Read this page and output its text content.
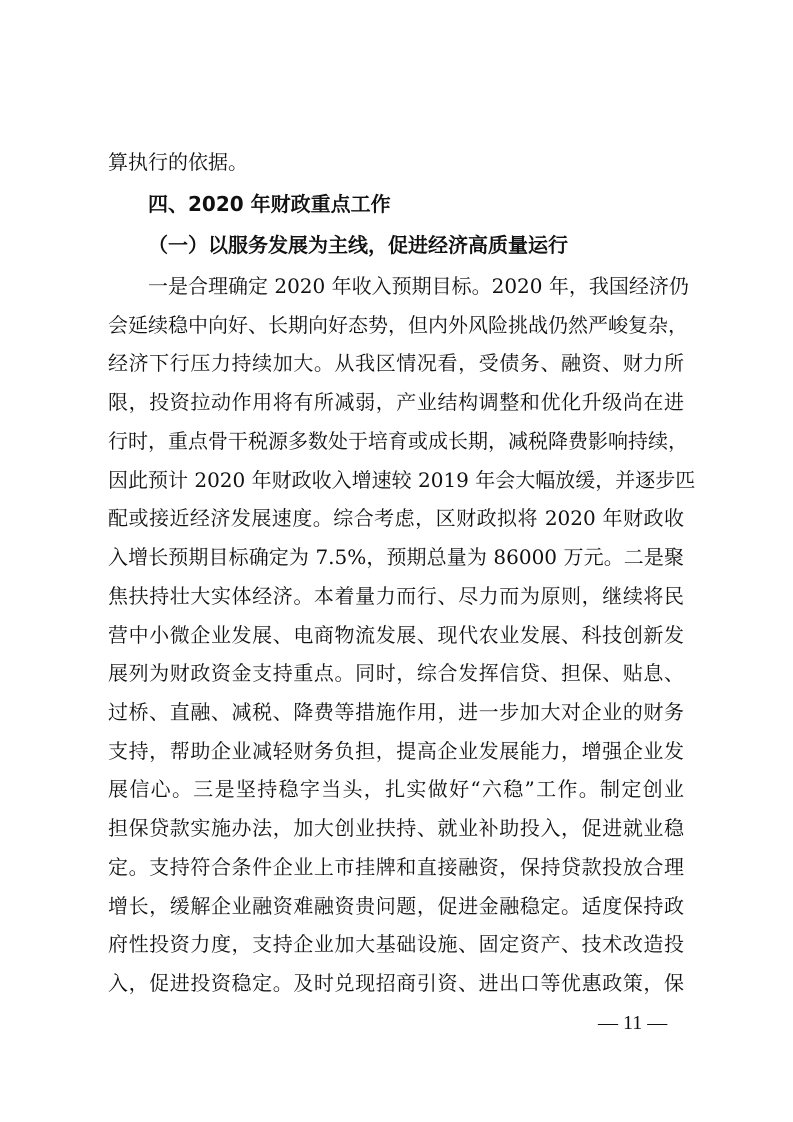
算执行的依据。
四、2020 年财政重点工作
（一）以服务发展为主线，促进经济高质量运行
一是合理确定 2020 年收入预期目标。2020 年，我国经济仍
会延续稳中向好、长期向好态势，但内外风险挑战仍然严峻复杂，
经济下行压力持续加大。从我区情况看，受债务、融资、财力所
限，投资拉动作用将有所减弱，产业结构调整和优化升级尚在进
行时，重点骨干税源多数处于培育或成长期，减税降费影响持续，
因此预计 2020 年财政收入增速较 2019 年会大幅放缓，并逐步匹
配或接近经济发展速度。综合考虑，区财政拟将 2020 年财政收
入增长预期目标确定为 7.5%，预期总量为 86000 万元。二是聚
焦扶持壮大实体经济。本着量力而行、尽力而为原则，继续将民
营中小微企业发展、电商物流发展、现代农业发展、科技创新发
展列为财政资金支持重点。同时，综合发挥信贷、担保、贴息、
过桥、直融、减税、降费等措施作用，进一步加大对企业的财务
支持，帮助企业减轻财务负担，提高企业发展能力，增强企业发
展信心。三是坚持稳字当头，扎实做好“六稳”工作。制定创业
担保贷款实施办法，加大创业扶持、就业补助投入，促进就业稳
定。支持符合条件企业上市挂牌和直接融资，保持贷款投放合理
增长，缓解企业融资难融资贵问题，促进金融稳定。适度保持政
府性投资力度，支持企业加大基础设施、固定资产、技术改造投
— 11 —
入，促进投资稳定。及时兑现招商引资、进出口等优惠政策，保
